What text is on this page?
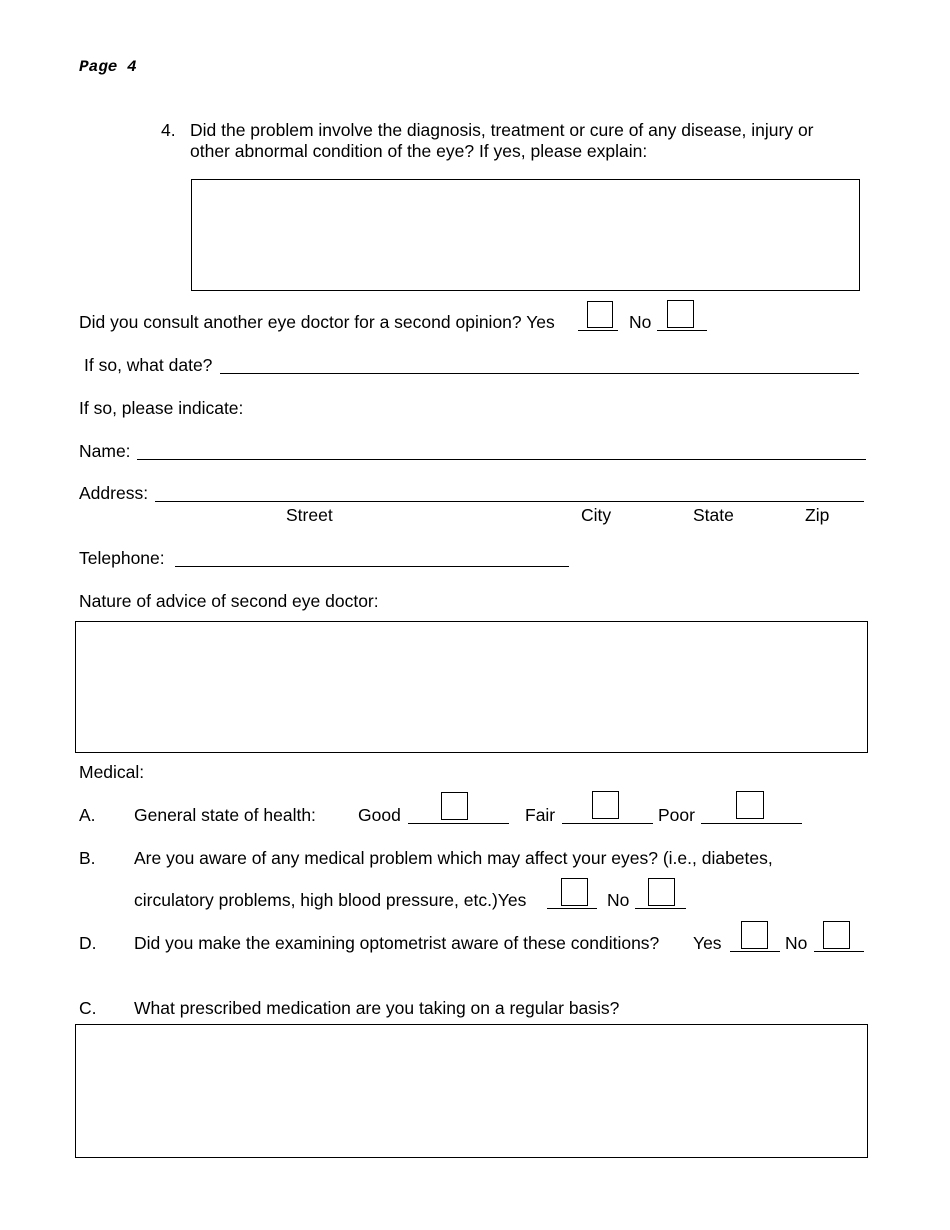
Page 4
4. Did the problem involve the diagnosis, treatment or cure of any disease, injury or
other abnormal condition of the eye? If yes, please explain:
Did you consult another eye doctor for a second opinion? Yes	No
If so, what date?
If so, please indicate:
Name:
Address:
Street	City	State	Zip
Telephone:
Nature of advice of second eye doctor:
Medical:
A. General state of health: Good	Fair	Poor
B. Are you aware of any medical problem which may affect your eyes? (i.e., diabetes,
circulatory problems, high blood pressure, etc.)Yes	No
D. Did you make the examining optometrist aware of these conditions? Yes	No
C. What prescribed medication are you taking on a regular basis?
